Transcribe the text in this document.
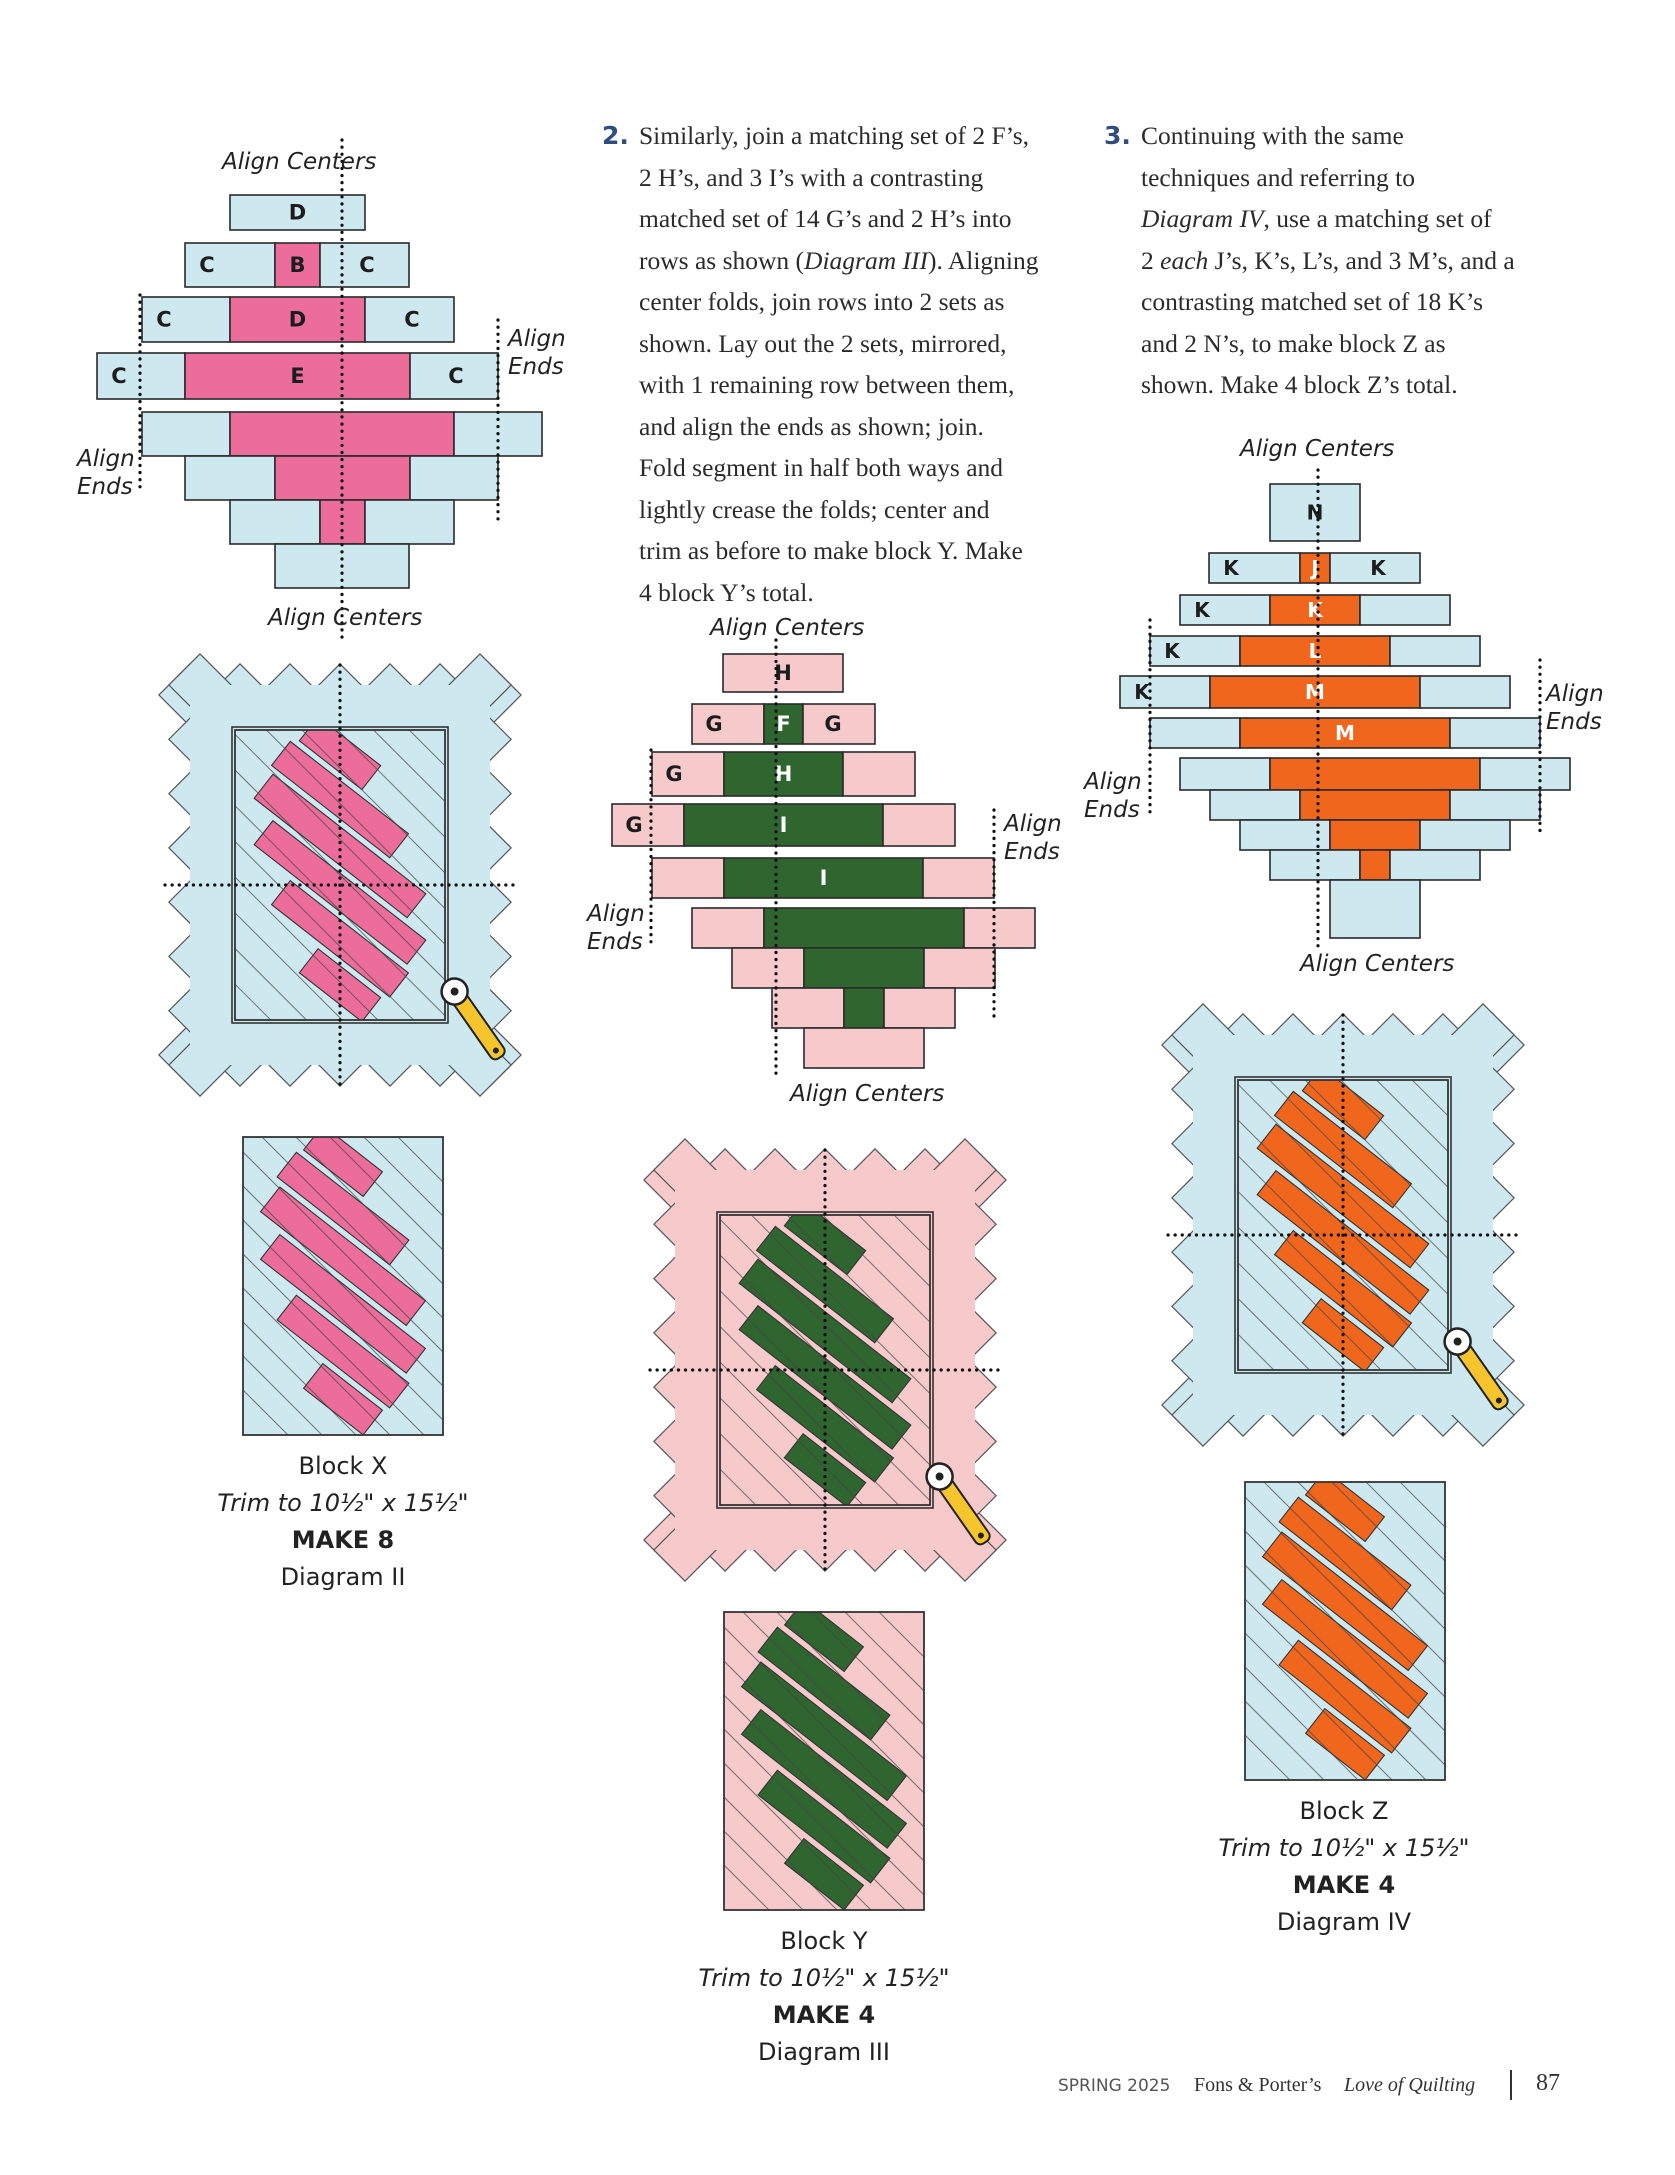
2. Similarly, join a matching set of 2 F’s,
2 H’s, and 3 I’s with a contrasting
matched set of 14 G’s and 2 H’s into
rows as shown (Diagram III). Aligning
center folds, join rows into 2 sets as
shown. Lay out the 2 sets, mirrored,
with 1 remaining row between them,
and align the ends as shown; join.
Fold segment in half both ways and
lightly crease the folds; center and
trim as before to make block Y. Make
4 block Y’s total.
3. Continuing with the same
techniques and referring to
Diagram IV, use a matching set of
2 each J’s, K’s, L’s, and 3 M’s, and a
contrasting matched set of 18 K’s
and 2 N’s, to make block Z as
shown. Make 4 block Z’s total.
D
C	B	C
C	D	C
C	E	C
Align Centers
Align
Ends
Align
Ends
Align Centers
Block X
Trim to 10½" x 15½"
MAKE 8
Diagram II
H
G	F G
G	H
G	I
I
Align Centers
Align
Ends
Align
Ends
Align Centers
Block Y
Trim to 10½" x 15½"
MAKE 4
Diagram III
N
K	J	K
K	K
K	L
K	M
M
Align Centers
Align
Ends
Align
Ends
Align Centers
Block Z
Trim to 10½" x 15½"
MAKE 4
Diagram IV
SPRING 2025 Fons & Porter’s Love of Quilting	87
